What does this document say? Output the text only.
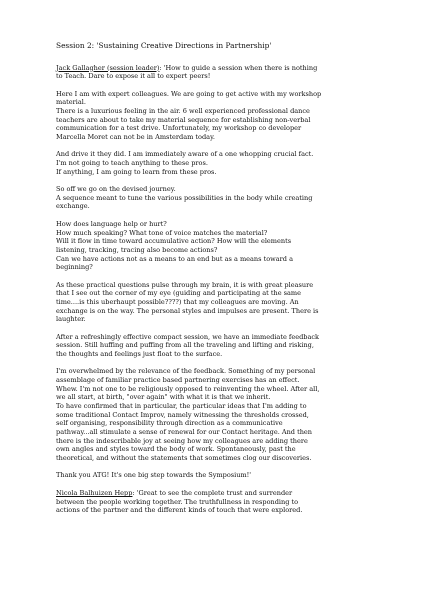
Session 2: 'Sustaining Creative Directions in Partnership'
Jack Gallagher (session leader): 'How to guide a session when there is nothing
to Teach. Dare to expose it all to expert peers!
Here I am with expert colleagues. We are going to get active with my workshop
material.
There is a luxurious feeling in the air. 6 well experienced professional dance
teachers are about to take my material sequence for establishing non-verbal
communication for a test drive. Unfortunately, my workshop co developer
Marcella Moret can not be in Amsterdam today.
And drive it they did. I am immediately aware of a one whopping crucial fact.
I'm not going to teach anything to these pros.
If anything, I am going to learn from these pros.
So off we go on the devised journey.
A sequence meant to tune the various possibilities in the body while creating
exchange.
How does language help or hurt?
How much speaking? What tone of voice matches the material?
Will it flow in time toward accumulative action? How will the elements
listening, tracking, tracing also become actions?
Can we have actions not as a means to an end but as a means toward a
beginning?
As these practical questions pulse through my brain, it is with great pleasure
that I see out the corner of my eye (guiding and participating at the same
time....is this uberhaupt possible????) that my colleagues are moving. An
exchange is on the way. The personal styles and impulses are present. There is
laughter.
After a refreshingly effective compact session, we have an immediate feedback
session. Still huffing and puffing from all the traveling and lifting and risking,
the thoughts and feelings just float to the surface.
I'm overwhelmed by the relevance of the feedback. Something of my personal
assemblage of familiar practice based partnering exercises has an effect.
Whew. I'm not one to be religiously opposed to reinventing the wheel. After all,
we all start, at birth, "over again" with what it is that we inherit.
To have confirmed that in particular, the particular ideas that I'm adding to
some traditional Contact Improv, namely witnessing the thresholds crossed,
self organising, responsibility through direction as a communicative
pathway...all stimulate a sense of renewal for our Contact heritage. And then
there is the indescribable joy at seeing how my colleagues are adding there
own angles and styles toward the body of work. Spontaneously, past the
theoretical, and without the statements that sometimes clog our discoveries.
Thank you ATG! It's one big step towards the Symposium!'
Nicola Balhuizen Hepp: 'Great to see the complete trust and surrender
between the people working together. The truthfullness in responding to
actions of the partner and the different kinds of touch that were explored.
